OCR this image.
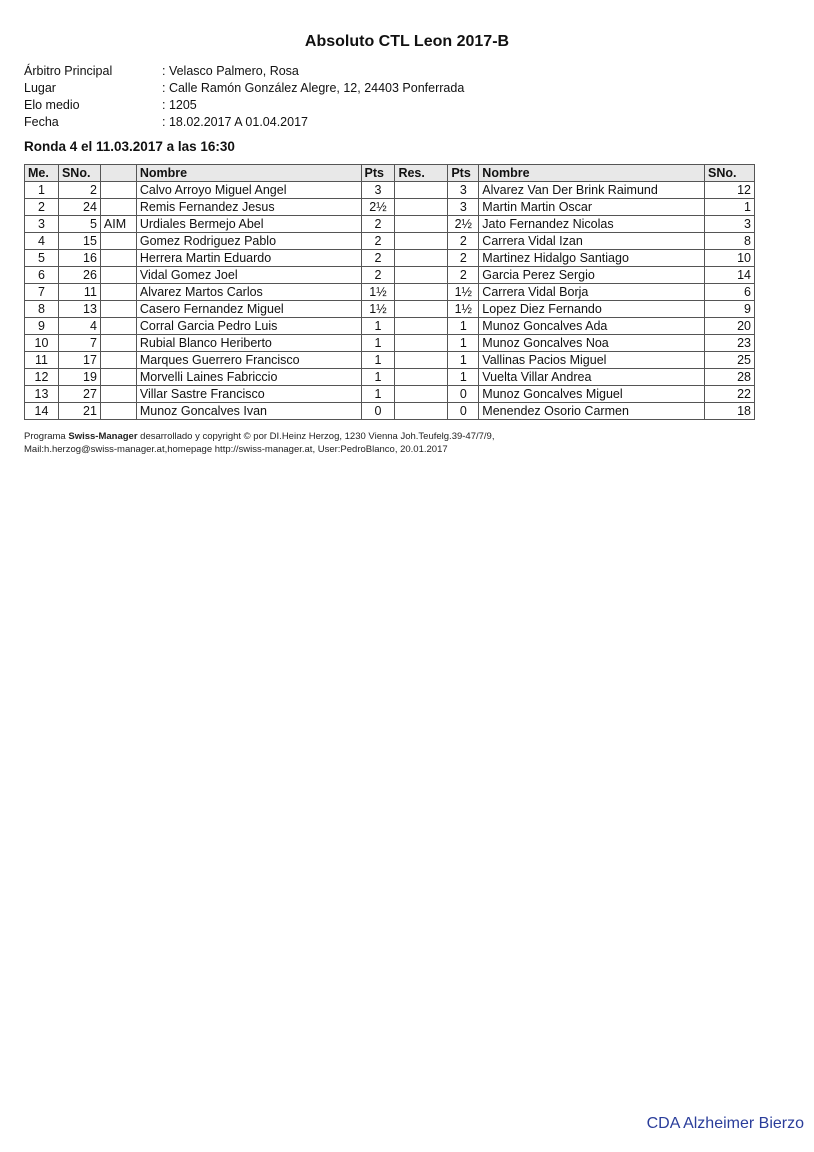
Absoluto CTL Leon 2017-B
Árbitro Principal	: Velasco Palmero, Rosa
Lugar	: Calle Ramón González Alegre, 12, 24403 Ponferrada
Elo medio	: 1205
Fecha	: 18.02.2017 A 01.04.2017
Ronda 4 el 11.03.2017 a las 16:30
Me.	SNo.		Nombre	Pts	Res.	Pts	Nombre	SNo.
1	2		Calvo Arroyo Miguel Angel	3		3	Alvarez Van Der Brink Raimund	12
2	24		Remis Fernandez Jesus	2½		3	Martin Martin Oscar	1
3	5	AIM	Urdiales Bermejo Abel	2		2½	Jato Fernandez Nicolas	3
4	15		Gomez Rodriguez Pablo	2		2	Carrera Vidal Izan	8
5	16		Herrera Martin Eduardo	2		2	Martinez Hidalgo Santiago	10
6	26		Vidal Gomez Joel	2		2	Garcia Perez Sergio	14
7	11		Alvarez Martos Carlos	1½		1½	Carrera Vidal Borja	6
8	13		Casero Fernandez Miguel	1½		1½	Lopez Diez Fernando	9
9	4		Corral Garcia Pedro Luis	1		1	Munoz Goncalves Ada	20
10	7		Rubial Blanco Heriberto	1		1	Munoz Goncalves Noa	23
11	17		Marques Guerrero Francisco	1		1	Vallinas Pacios Miguel	25
12	19		Morvelli Laines Fabriccio	1		1	Vuelta Villar Andrea	28
13	27		Villar Sastre Francisco	1		0	Munoz Goncalves Miguel	22
14	21		Munoz Goncalves Ivan	0		0	Menendez Osorio Carmen	18
Programa Swiss-Manager desarrollado y copyright © por DI.Heinz Herzog, 1230 Vienna Joh.Teufelg.39-47/7/9,
Mail:h.herzog@swiss-manager.at,homepage http://swiss-manager.at, User:PedroBlanco, 20.01.2017
CDA Alzheimer Bierzo
